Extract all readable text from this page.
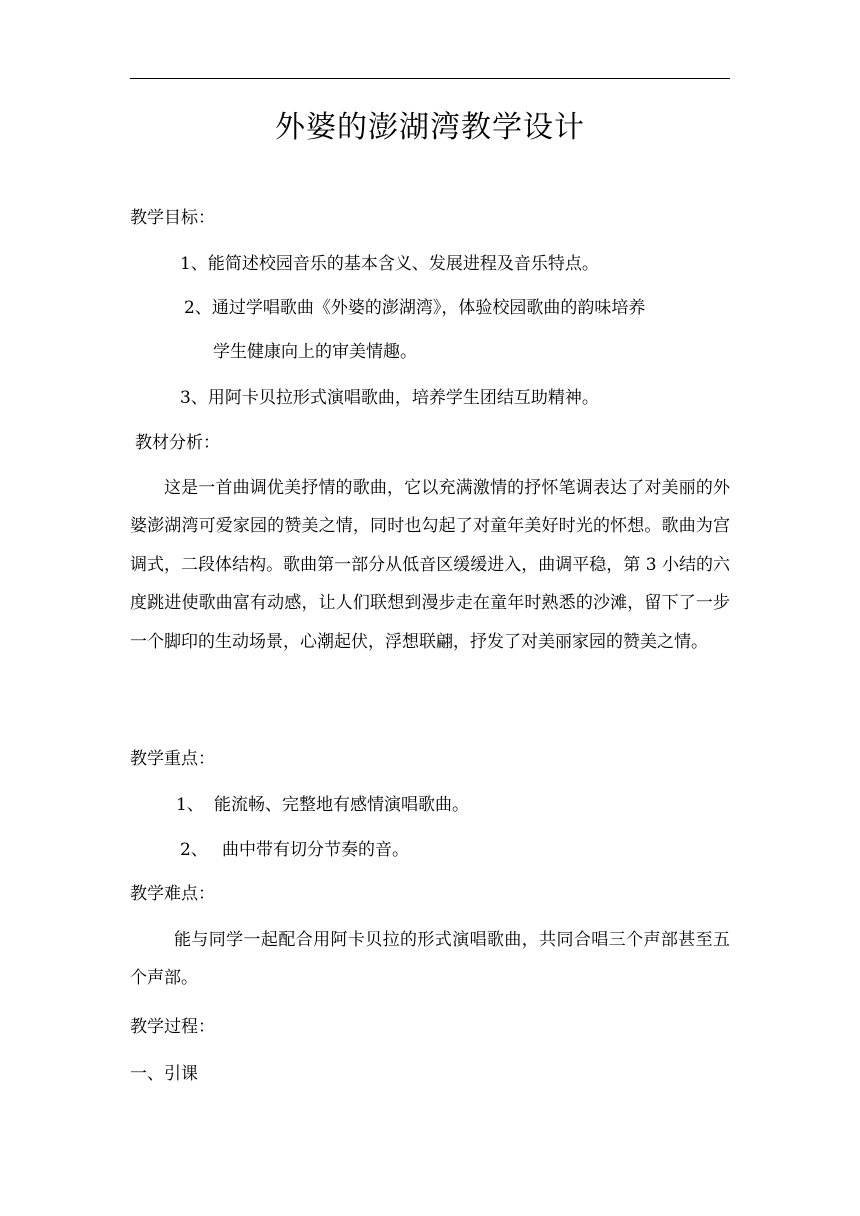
外婆的澎湖湾教学设计
教学目标：
1、能简述校园音乐的基本含义、发展进程及音乐特点。
2、通过学唱歌曲《外婆的澎湖湾》，体验校园歌曲的韵味培养
学生健康向上的审美情趣。
3、用阿卡贝拉形式演唱歌曲，培养学生团结互助精神。
教材分析：
这是一首曲调优美抒情的歌曲，它以充满激情的抒怀笔调表达了对美丽的外婆澎湖湾可爱家园的赞美之情，同时也勾起了对童年美好时光的怀想。歌曲为宫调式，二段体结构。歌曲第一部分从低音区缓缓进入，曲调平稳，第 3 小结的六度跳进使歌曲富有动感，让人们联想到漫步走在童年时熟悉的沙滩，留下了一步一个脚印的生动场景，心潮起伏，浮想联翩，抒发了对美丽家园的赞美之情。
教学重点：
1、 能流畅、完整地有感情演唱歌曲。
2、 曲中带有切分节奏的音。
教学难点：
能与同学一起配合用阿卡贝拉的形式演唱歌曲，共同合唱三个声部甚至五个声部。
教学过程：
一、引课
